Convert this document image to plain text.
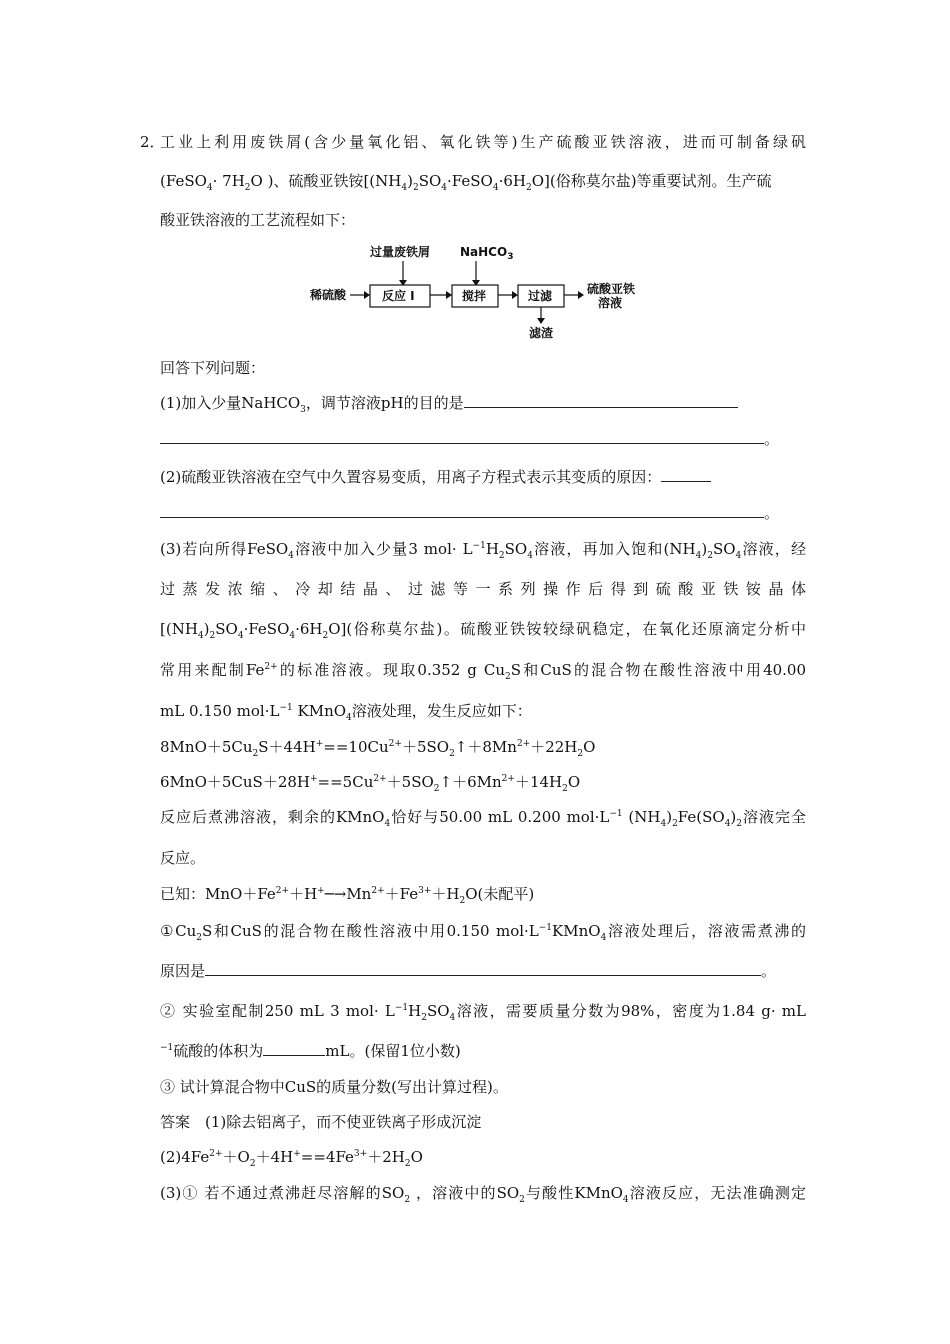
2．
工业上利用废铁屑(含少量氧化铝、氧化铁等)生产硫酸亚铁溶液，进而可制备绿矾
(FeSO$_4$· $7H_2O$ )、硫酸亚铁铵$[(NH_4)_2SO_4\cdot FeSO_4\cdot 6H_2O]$(俗称莫尔盐)等重要试剂。生产硫
酸亚铁溶液的工艺流程如下：
过量废铁屑 NaHCO$_3$
稀硫酸	反应 I	搅拌	过滤	硫酸亚铁
溶液
滤渣
回答下列问题：
(1)加入少量NaHCO$_3$，调节溶液pH的目的是
。
(2)硫酸亚铁溶液在空气中久置容易变质，用离子方程式表示其变质的原因：
。
(3)若向所得FeSO$_4$溶液中加入少量3 $mol\cdot L^{-1}H_2SO_4$溶液，再加入饱和$(NH_4)_2SO_4$溶液，经
过蒸发浓缩、冷却结晶、过滤等一系列操作后得到硫酸亚铁铵晶体
$[(NH_4)_2SO_4\cdot FeSO_4\cdot 6H_2O]$(俗称莫尔盐)。硫酸亚铁铵较绿矾稳定，在氧化还原滴定分析中
常用来配制$Fe^{2+}$的标准溶液。现取0.352 g $Cu_2S$和CuS的混合物在酸性溶液中用40.00
mL 0.150 $mol\cdot L^{-1}$ KMnO$_4$溶液处理，发生反应如下：
$8MnO+5Cu_2S+44H^+==10Cu^{2+}+5SO_2↑+8Mn^{2+}+22H_2O$
$6MnO+5CuS+28H^+==5Cu^{2+}+5SO_2↑+6Mn^{2+}+14H_2O$
反应后煮沸溶液，剩余的KMnO$_4$恰好与50.00 mL 0.200 $mol\cdot L^{-1}$ $(NH_4)_2Fe(SO_4)_2$溶液完全
反应。
已知：$MnO+Fe^{2+}+H^+─\to Mn^{2+}+Fe^{3+}+H_2O$(未配平)
$①Cu_2S$和CuS的混合物在酸性溶液中用0.150 $mol\cdot L^{-1}KMnO_4$溶液处理后，溶液需煮沸的
原因是	。
② 实验室配制250 mL 3 $mol\cdot L^{-1}H_2SO_4$溶液，需要质量分数为98%，密度为1.84 g· mL
$^{-1}$硫酸的体积为	mL。(保留1位小数)
③ 试计算混合物中CuS的质量分数(写出计算过程)。
答案　(1)除去铝离子，而不使亚铁离子形成沉淀
$(2)4Fe^{2+}+O_2+4H^+==4Fe^{3+}+2H_2O$
(3)① 若不通过煮沸赶尽溶解的$SO_2$ ，溶液中的$SO_2$与酸性KMnO$_4$溶液反应，无法准确测定
